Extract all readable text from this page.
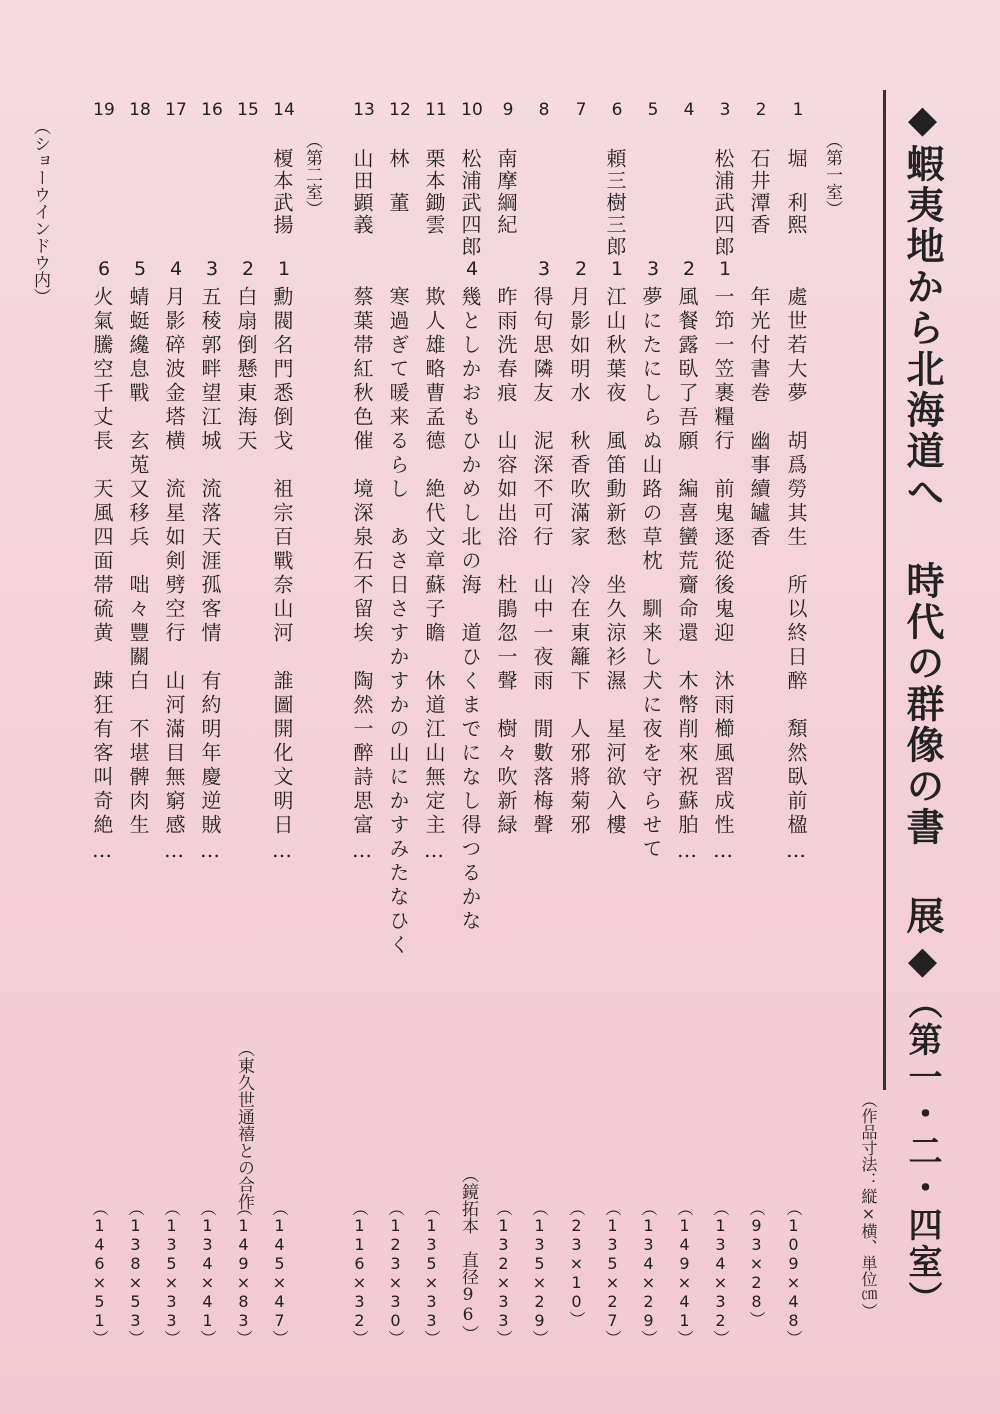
◆蝦夷地から北海道へ 時代の群像の書 展◆（第一・二・四室）
（作品寸法：縦×横、単位㎝）
（第一室）
（第二室）
（ショーウインドウ内）
1
堀　利熙
處世若大夢　胡爲勞其生　所以終日醉　頽然臥前楹…
（109×48）
2
石井潭香
年光付書巻　幽事續罏香
（93×28）
3
松浦武四郎
1
一笻一笠裹糧行　前鬼逐從後鬼迎　沐雨櫛風習成性…
（134×32）
4
2
風餐露臥了吾願　編喜蠻荒齎命還　木幣削來祝蘇胉…
（149×41）
5
3
夢にたにしらぬ山路の草枕　馴来し犬に夜を守らせて
（134×29）
6
頼三樹三郎
1
江山秋葉夜　風笛動新愁　坐久涼衫濕　星河欲入樓
（135×27）
7
2
月影如明水　秋香吹滿家　冷在東籬下　人邪將菊邪
（23×10）
8
3
得句思隣友　泥深不可行　山中一夜雨　閒數落梅聲
（135×29）
9
南摩綱紀
昨雨洗春痕　山容如出浴　杜鵑忽一聲　樹々吹新緑
（132×33）
10
松浦武四郎
4
幾としかおもひかめし北の海　道ひくまでになし得つるかな
（鏡拓本　直径96）
11
栗本鋤雲
欺人雄略曹孟德　絶代文章蘇子瞻　休道江山無定主…
（135×33）
12
林　董
寒過ぎて暖来るらし　あさ日さすかすかの山にかすみたなひく
（123×30）
13
山田顕義
蔡葉帯紅秋色催　境深泉石不留埃　陶然一醉詩思富…
（116×32）
14
榎本武揚
1
勳閥名門悉倒戈　祖宗百戰奈山河　誰圖開化文明日…
（145×47）
15
2
白扇倒懸東海天
（東久世通禧との合作
（149×83）
16
3
五稜郭畔望江城　流落天涯孤客情　有約明年慶逆賊…
（134×41）
17
4
月影碎波金塔横　流星如剣劈空行　山河滿目無窮感…
（135×33）
18
5
蜻蜓纔息戰　玄莵又移兵　咄々豐關白　不堪髀肉生
（138×53）
19
6
火氣騰空千丈長　天風四面帯硫黄　踈狂有客叫奇絶…
（146×51）
